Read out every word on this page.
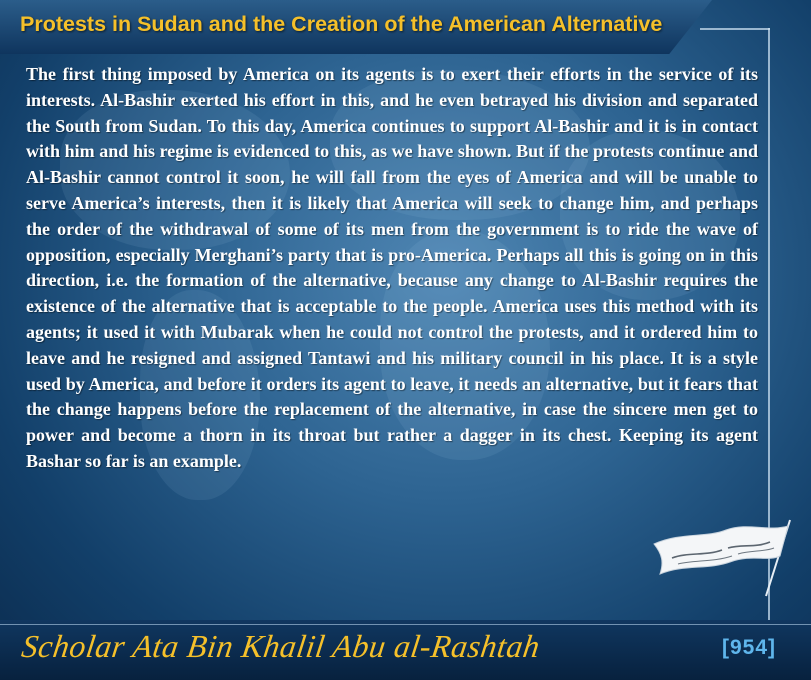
Protests in Sudan and the Creation of the American Alternative
The first thing imposed by America on its agents is to exert their efforts in the service of its interests. Al-Bashir exerted his effort in this, and he even betrayed his division and separated the South from Sudan. To this day, America continues to support Al-Bashir and it is in contact with him and his regime is evidenced to this, as we have shown. But if the protests continue and Al-Bashir cannot control it soon, he will fall from the eyes of America and will be unable to serve America’s interests, then it is likely that America will seek to change him, and perhaps the order of the withdrawal of some of its men from the government is to ride the wave of opposition, especially Merghani’s party that is pro-America. Perhaps all this is going on in this direction, i.e. the formation of the alternative, because any change to Al-Bashir requires the existence of the alternative that is acceptable to the people. America uses this method with its agents; it used it with Mubarak when he could not control the protests, and it ordered him to leave and he resigned and assigned Tantawi and his military council in his place. It is a style used by America, and before it orders its agent to leave, it needs an alternative, but it fears that the change happens before the replacement of the alternative, in case the sincere men get to power and become a thorn in its throat but rather a dagger in its chest. Keeping its agent Bashar so far is an example.
Scholar Ata Bin Khalil Abu al-Rashtah	[954]
